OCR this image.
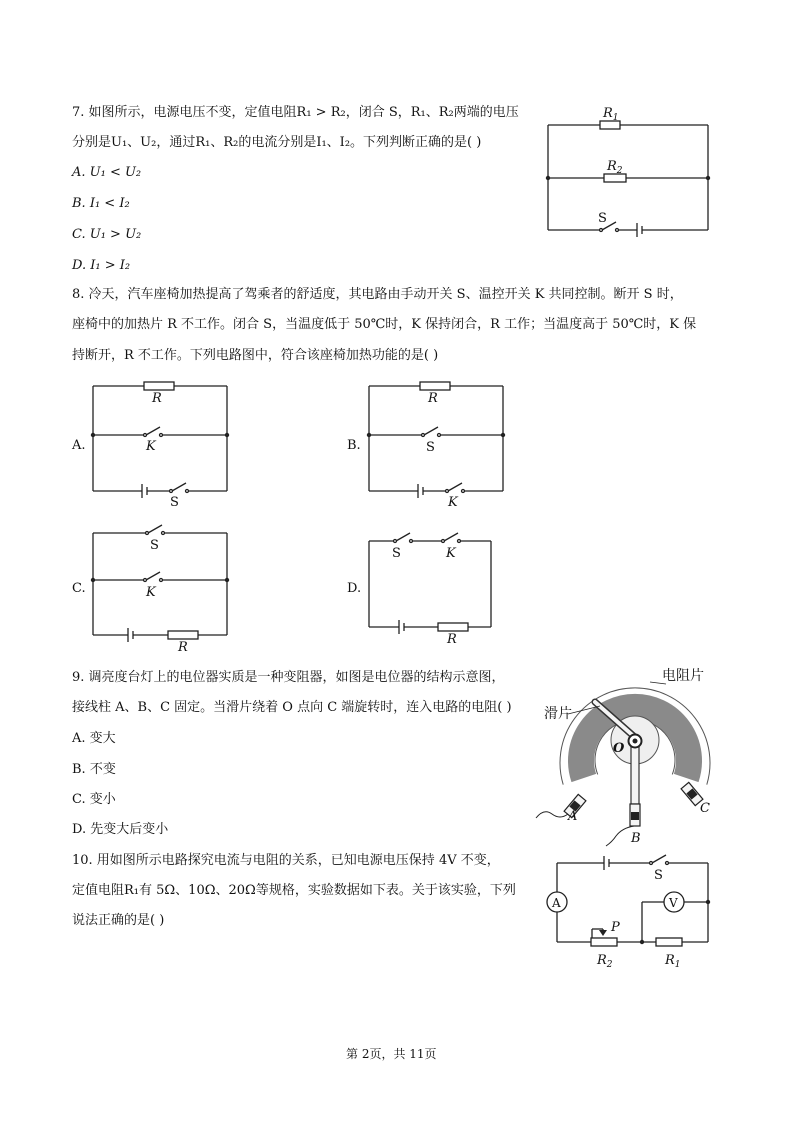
7. 如图所示，电源电压不变，定值电阻R₁ > R₂，闭合 S，R₁、R₂两端的电压
分别是U₁、U₂，通过R₁、R₂的电流分别是I₁、I₂。下列判断正确的是( )
A. U₁ < U₂
B. I₁ < I₂
C. U₁ > U₂
D. I₁ > I₂
$R_1$
$R_2$
S
8. 冷天，汽车座椅加热提高了驾乘者的舒适度，其电路由手动开关 S、温控开关 K 共同控制。断开 S 时，
座椅中的加热片 R 不工作。闭合 S，当温度低于 50℃时，K 保持闭合，R 工作；当温度高于 50℃时，K 保
持断开，R 不工作。下列电路图中，符合该座椅加热功能的是( )
A.
R
K
S
B.
R
S
K
C.
S
K
R
D.
S	K
R
9. 调亮度台灯上的电位器实质是一种变阻器，如图是电位器的结构示意图，
接线柱 A、B、C 固定。当滑片绕着 O 点向 C 端旋转时，连入电路的电阻( )
A. 变大
B. 不变
C. 变小
D. 先变大后变小
电阻片
滑片
O
A
B
C
10. 用如图所示电路探究电流与电阻的关系，已知电源电压保持 4V 不变，
定值电阻R₁有 5Ω、10Ω、20Ω等规格，实验数据如下表。关于该实验，下列
说法正确的是( )
S
A
P
V
$R_2$	$R_1$
第 2页，共 11页
